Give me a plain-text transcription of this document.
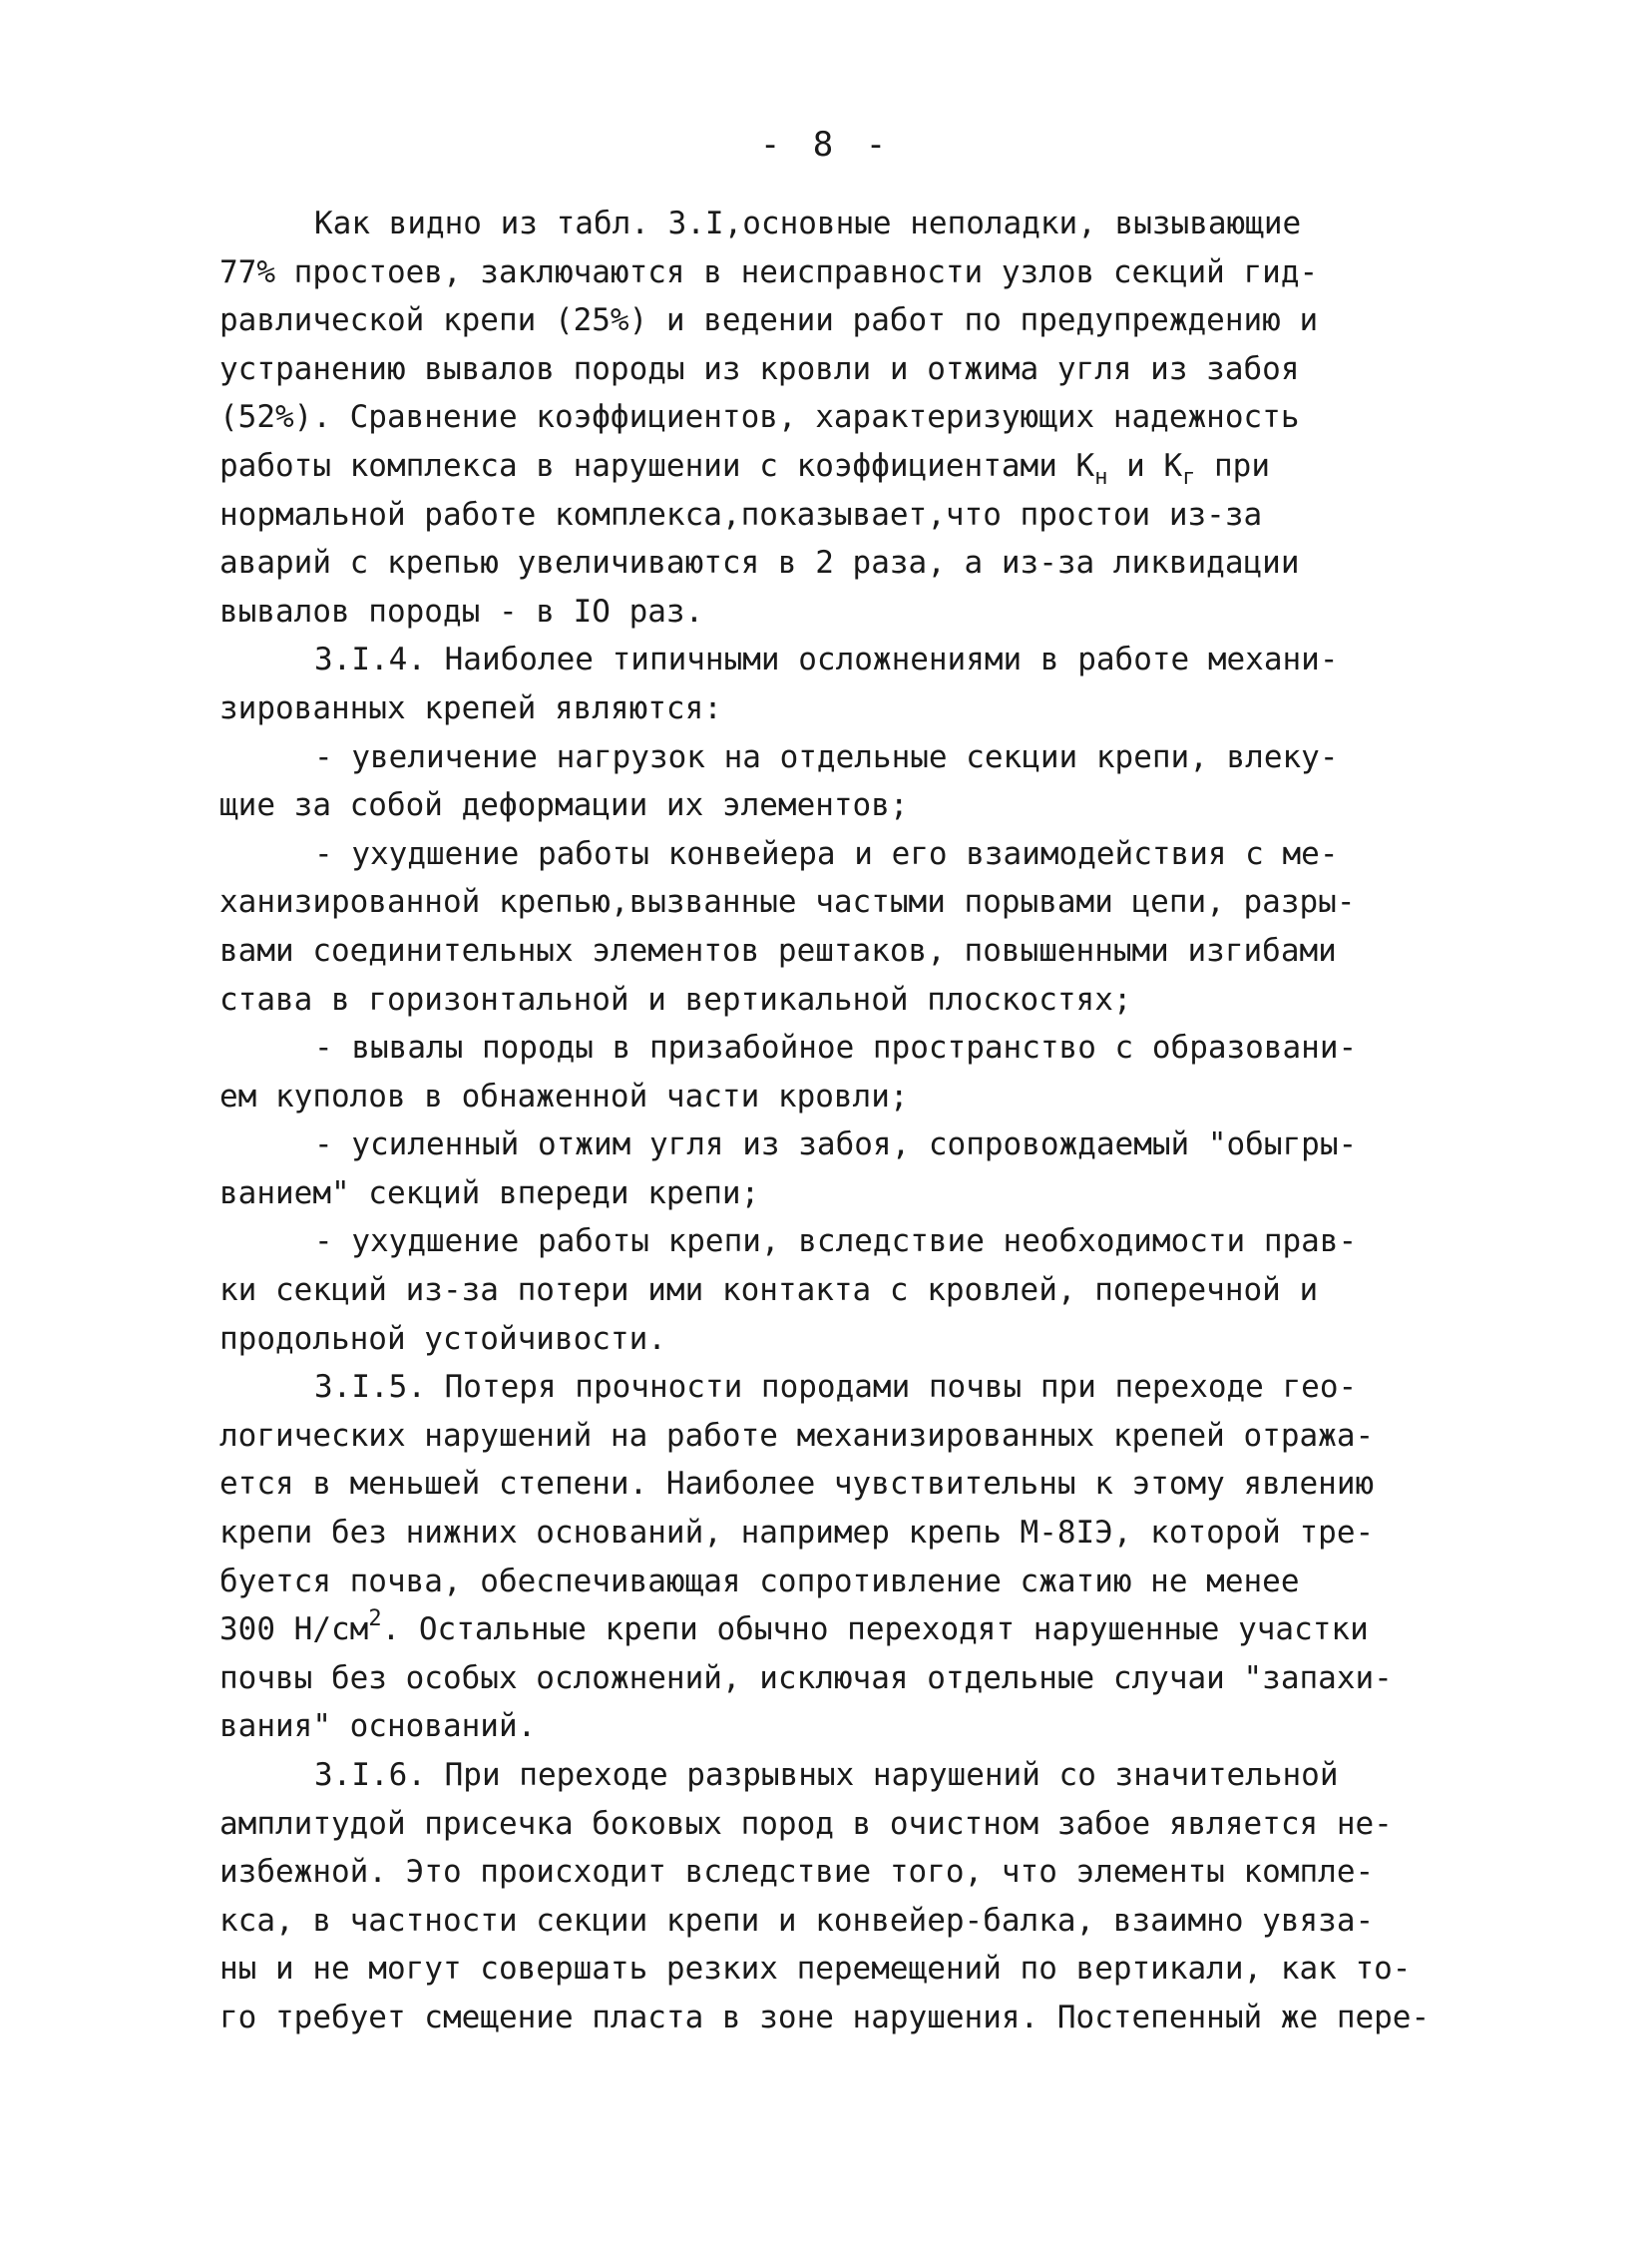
- 8 -
Как видно из табл. 3.I,основные неполадки, вызывающие
77% простоев, заключаются в неисправности узлов секций гид-
равлической крепи (25%) и ведении работ по предупреждению и
устранению вывалов породы из кровли и отжима угля из забоя
(52%). Сравнение коэффициентов, характеризующих надежность
работы комплекса в нарушении с коэффициентами $К_н$ и $К_г$ при
нормальной работе комплекса,показывает,что простои из-за
аварий с крепью увеличиваются в 2 раза, а из-за ликвидации
вывалов породы - в IO раз.
3.I.4. Наиболее типичными осложнениями в работе механи-
зированных крепей являются:
- увеличение нагрузок на отдельные секции крепи, влеку-
щие за собой деформации их элементов;
- ухудшение работы конвейера и его взаимодействия с ме-
ханизированной крепью,вызванные частыми порывами цепи, разры-
вами соединительных элементов рештаков, повышенными изгибами
става в горизонтальной и вертикальной плоскостях;
- вывалы породы в призабойное пространство с образовани-
ем куполов в обнаженной части кровли;
- усиленный отжим угля из забоя, сопровождаемый "обыгры-
ванием" секций впереди крепи;
- ухудшение работы крепи, вследствие необходимости прав-
ки секций из-за потери ими контакта с кровлей, поперечной и
продольной устойчивости.
3.I.5. Потеря прочности породами почвы при переходе гео-
логических нарушений на работе механизированных крепей отража-
ется в меньшей степени. Наиболее чувствительны к этому явлению
крепи без нижних оснований, например крепь М-8IЭ, которой тре-
буется почва, обеспечивающая сопротивление сжатию не менее
300 $Н/см^2$. Остальные крепи обычно переходят нарушенные участки
почвы без особых осложнений, исключая отдельные случаи "запахи-
вания" оснований.
3.I.6. При переходе разрывных нарушений со значительной
амплитудой присечка боковых пород в очистном забое является не-
избежной. Это происходит вследствие того, что элементы компле-
кса, в частности секции крепи и конвейер-балка, взаимно увяза-
ны и не могут совершать резких перемещений по вертикали, как то-
го требует смещение пласта в зоне нарушения. Постепенный же пере-
